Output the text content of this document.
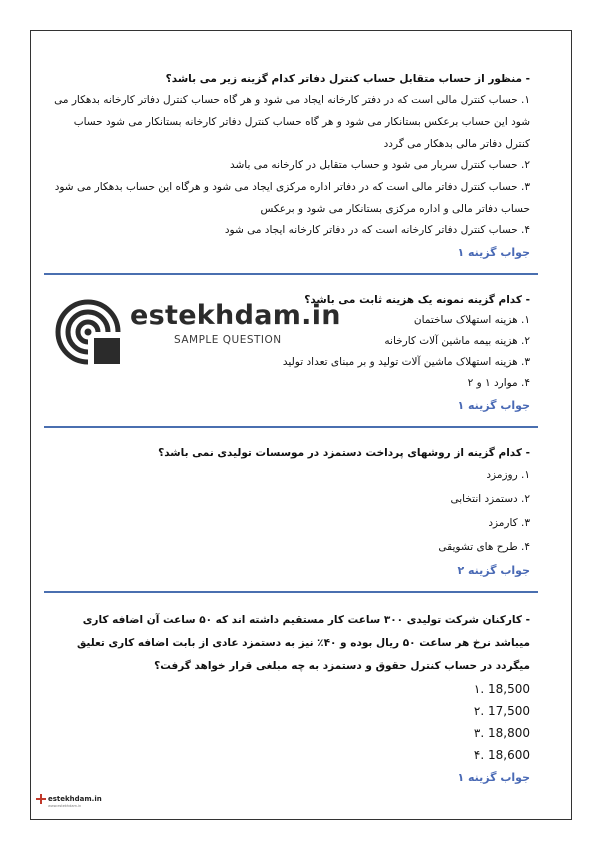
- منظور از حساب متقابل حساب کنترل دفاتر کدام گزینه زیر می باشد؟

۱. حساب کنترل مالی است که در دفتر کارخانه ایجاد می شود و هر گاه حساب کنترل دفاتر کارخانه بدهکار می شود این حساب برعکس بستانکار می شود و هر گاه حساب کنترل دفاتر کارخانه بستانکار می شود حساب کنترل دفاتر مالی بدهکار می گردد

۲. حساب کنترل سربار می شود و حساب متقابل در کارخانه می باشد

۳. حساب کنترل دفاتر مالی است که در دفاتر اداره مرکزی ایجاد می شود و هرگاه این حساب بدهکار می شود حساب دفاتر مالی و اداره مرکزی بستانکار می شود و برعکس

۴. حساب کنترل دفاتر کارخانه است که در دفاتر کارخانه ایجاد می شود

جواب گزینه ۱

- کدام گزینه نمونه یک هزینه ثابت می باشد؟

۱. هزینه استهلاک ساختمان

۲. هزینه بیمه ماشین آلات کارخانه

۳. هزینه استهلاک ماشین آلات تولید و بر مبنای تعداد تولید

۴. موارد ۱ و ۲

جواب گزینه ۱

- کدام گزینه از روشهای پرداخت دستمزد در موسسات تولیدی نمی باشد؟

۱. روزمزد

۲. دستمزد انتخابی

۳. کارمزد

۴. طرح های تشویقی

جواب گزینه ۲

- کارکنان شرکت تولیدی ۳۰۰ ساعت کار مستقیم داشته اند که ۵۰ ساعت آن اضافه کاری میباشد نرخ هر ساعت ۵۰ ریال بوده و ۴۰٪ نیز به دستمزد عادی از بابت اضافه کاری تعلیق میگردد در حساب کنترل حقوق و دستمزد به چه مبلغی قرار خواهد گرفت؟

18,500 .۱

17,500 .۲

18,800 .۳

18,600 .۴

جواب گزینه ۱
estekhdam.in
SAMPLE QUESTION
estekhdam.in
www.estekhdam.in
